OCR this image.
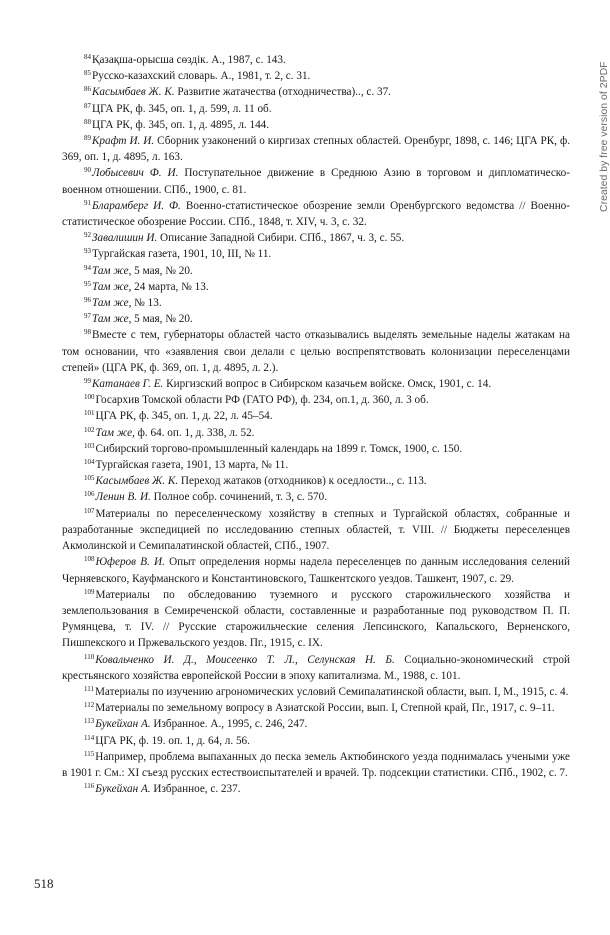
$^{84}$Қазақша-орысша сөздік. А., 1987, с. 143.

$^{85}$Русско-казахский словарь. А., 1981, т. 2, с. 31.

$^{86}$Касымбаев Ж. К. Развитие жатачества (отходничества).., с. 37.

$^{87}$ЦГА РК, ф. 345, оп. 1, д. 599, л. 11 об.

$^{88}$ЦГА РК, ф. 345, оп. 1, д. 4895, л. 144.

$^{89}$Крафт И. И. Сборник узаконений о киргизах степных областей. Оренбург, 1898, с. 146; ЦГА РК, ф. 369, оп. 1, д. 4895, л. 163.

$^{90}$Лобысевич Ф. И. Поступательное движение в Среднюю Азию в торговом и дипломатическо-военном отношении. СПб., 1900, с. 81.

$^{91}$Бларамберг И. Ф. Военно-статистическое обозрение земли Оренбургского ведомства // Военно-статистическое обозрение России. СПб., 1848, т. XIV, ч. 3, с. 32.

$^{92}$Завалишин И. Описание Западной Сибири. СПб., 1867, ч. 3, с. 55.

$^{93}$Тургайская газета, 1901, 10, III, № 11.

$^{94}$Там же, 5 мая, № 20.

$^{95}$Там же, 24 марта, № 13.

$^{96}$Там же, № 13.

$^{97}$Там же, 5 мая, № 20.

$^{98}$Вместе с тем, губернаторы областей часто отказывались выделять земельные наделы жатакам на том основании, что «заявления свои делали с целью воспрепятствовать колонизации переселенцами степей» (ЦГА РК, ф. 369, оп. 1, д. 4895, л. 2.).

$^{99}$Катанаев Г. Е. Киргизский вопрос в Сибирском казачьем войске. Омск, 1901, с. 14.

$^{100}$Госархив Томской области РФ (ГАТО РФ), ф. 234, оп.1, д. 360, л. 3 об.

$^{101}$ЦГА РК, ф. 345, оп. 1, д. 22, л. 45–54.

$^{102}$Там же, ф. 64. оп. 1, д. 338, л. 52.

$^{103}$Сибирский торгово-промышленный календарь на 1899 г. Томск, 1900, с. 150.

$^{104}$Тургайская газета, 1901, 13 марта, № 11.

$^{105}$Касымбаев Ж. К. Переход жатаков (отходников) к оседлости.., с. 113.

$^{106}$Ленин В. И. Полное собр. сочинений, т. 3, с. 570.

$^{107}$Материалы по переселенческому хозяйству в степных и Тургайской областях, собранные и разработанные экспедицией по исследованию степных областей, т. VIII. // Бюджеты переселенцев Акмолинской и Семипалатинской областей, СПб., 1907.

$^{108}$Юферов В. И. Опыт определения нормы надела переселенцев по данным исследования селений Черняевского, Кауфманского и Константиновского, Ташкентского уездов. Ташкент, 1907, с. 29.

$^{109}$Материалы по обследованию туземного и русского старожильческого хозяйства и землепользования в Семиреченской области, составленные и разработанные под руководством П. П. Румянцева, т. IV. // Русские старожильческие селения Лепсинского, Капальского, Верненского, Пишпекского и Пржевальского уездов. Пг., 1915, с. IX.

$^{110}$Ковальченко И. Д., Моисеенко Т. Л., Селунская Н. Б. Социально-экономический строй крестьянского хозяйства европейской России в эпоху капитализма. М., 1988, с. 101.

$^{111}$Материалы по изучению агрономических условий Семипалатинской области, вып. I, М., 1915, с. 4.

$^{112}$Материалы по земельному вопросу в Азиатской России, вып. I, Степной край, Пг., 1917, с. 9–11.

$^{113}$Букейхан А. Избранное. А., 1995, с. 246, 247.

$^{114}$ЦГА РК, ф. 19. оп. 1, д. 64, л. 56.

$^{115}$Например, проблема выпаханных до песка земель Актюбинского уезда поднималась учеными уже в 1901 г. См.: XI съезд русских естествоиспытателей и врачей. Тр. подсекции статистики. СПб., 1902, с. 7.

$^{116}$Букейхан А. Избранное, с. 237.

518
Created by free version of 2PDF
